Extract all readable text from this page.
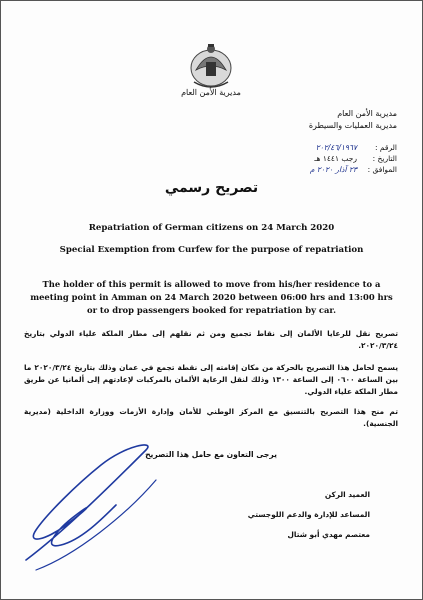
مديرية الأمن العام
مديرية الأمن العام
مديرية العمليات والسيطرة
الرقم :
٢٠٢/٤٦/١٩٦٧
التاريخ :
رجب ١٤٤١ هـ
الموافق :
٢٣ آذار ٢٠٢٠ م
تصريح رسمي
Repatriation of German citizens on 24 March 2020
Special Exemption from Curfew for the purpose of repatriation
The holder of this permit is allowed to move from his/her residence to a meeting point in Amman on 24 March 2020 between 06:00 hrs and 13:00 hrs or to drop passengers booked for repatriation by car.
تصريح نقل للرعايا الألمان إلى نقاط تجميع ومن ثم نقلهم إلى مطار الملكة علياء الدولي بتاريخ ٢٠٢٠/٣/٢٤.
يسمح لحامل هذا التصريح بالحركة من مكان إقامته إلى نقطة تجمع في عمان وذلك بتاريخ ٢٠٢٠/٣/٢٤ ما بين الساعة ٠٦٠٠ إلى الساعة ١٣٠٠ وذلك لنقل الرعاية الألمان بالمركبات لإعادتهم إلى ألمانيا عن طريق مطار الملكة علياء الدولي.
تم منح هذا التصريح بالتنسيق مع المركز الوطني للأمان وإدارة الأزمات ووزارة الداخلية (مديرية الجنسية).
يرجى التعاون مع حامل هذا التصريح
العميد الركن
المساعد للإدارة والدعم اللوجستي
معتصم مهدي أبو شتال
